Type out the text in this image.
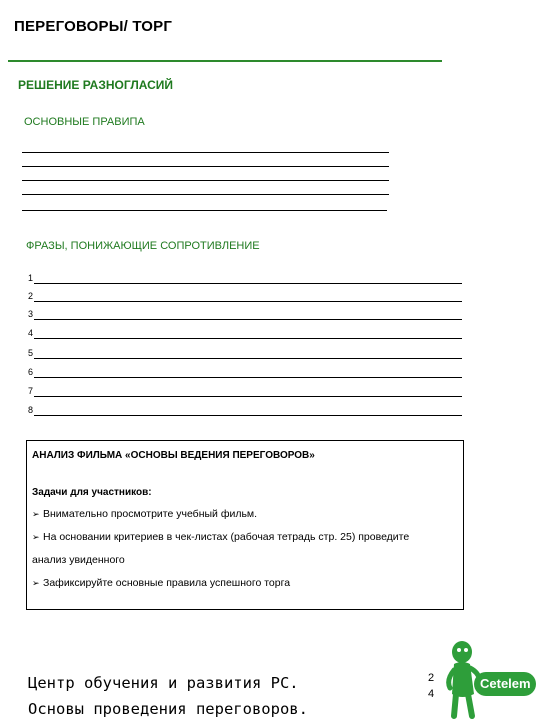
ПЕРЕГОВОРЫ/ ТОРГ
РЕШЕНИЕ РАЗНОГЛАСИЙ
ОСНОВНЫЕ ПРАВИПА
ФРАЗЫ, ПОНИЖАЮЩИЕ СОПРОТИВЛЕНИЕ
1
2
3
4
5
6
7
8
АНАЛИЗ ФИЛЬМА «ОСНОВЫ ВЕДЕНИЯ ПЕРЕГОВОРОВ»
Задачи для участников:
➢ Внимательно просмотрите учебный фильм.
➢ На основании критериев в чек-листах (рабочая тетрадь стр. 25) проведите
анализ увиденного
➢ Зафиксируйте основные правила успешного торга
Центр обучения и развития РС.
Основы проведения переговоров.
2
4
Cetelem
